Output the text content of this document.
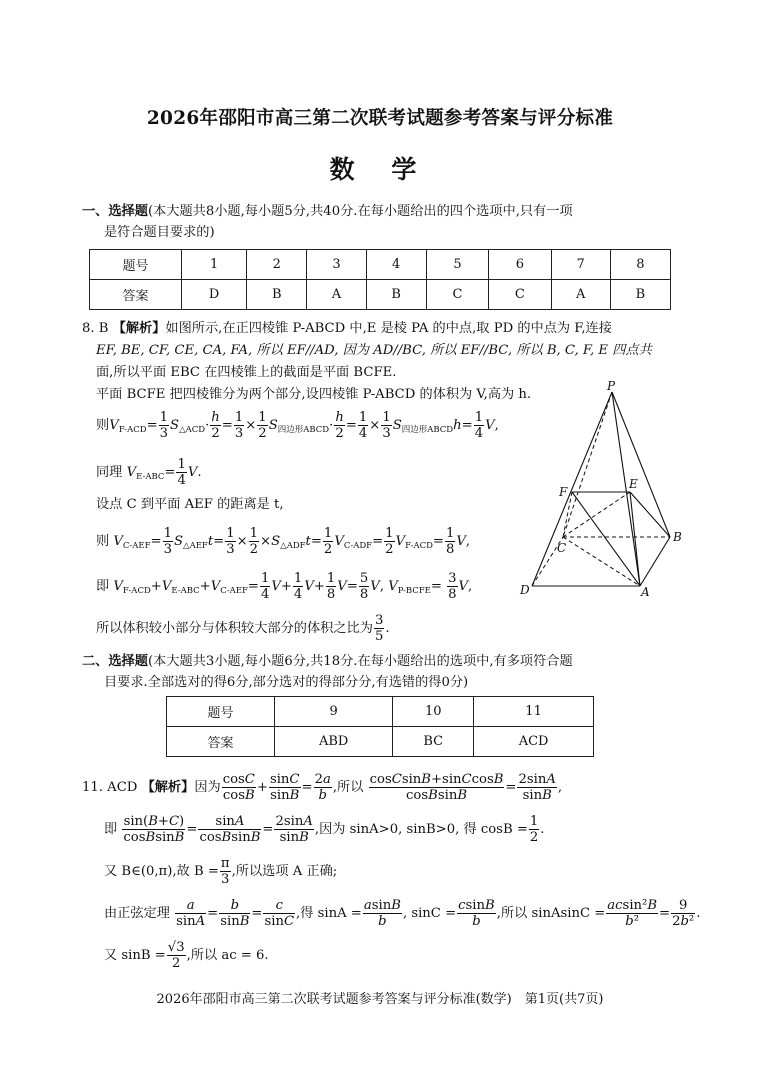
2026年邵阳市高三第二次联考试题参考答案与评分标准
数 学
一、选择题(本大题共8小题,每小题5分,共40分.在每小题给出的四个选项中,只有一项
是符合题目要求的)
题号	1	2	3	4	5	6	7	8
答案	D	B	A	B	C	C	A	B
8. B 【解析】如图所示,在正四棱锥 P-ABCD 中,E 是棱 PA 的中点,取 PD 的中点为 F,连接
EF, BE, CF, CE, CA, FA, 所以 EF//AD, 因为 AD//BC, 所以 EF//BC, 所以 B, C, F, E 四点共
面,所以平面 EBC 在四棱锥上的截面是平面 BCFE.
平面 BCFE 把四棱锥分为两个部分,设四棱锥 P-ABCD 的体积为 V,高为 h.
则$V_{F-ACD}= \frac{1}{3} S_{\triangle ACD}\cdot \frac{h}{2} = \frac{1}{3} \times \frac{1}{2} S_{四边形ABCD}\cdot \frac{h}{2} = \frac{1}{4} \times \frac{1}{3} S_{四边形ABCD}h= \frac{1}{4} V$,
同理 $V_{E-ABC}= \frac{1}{4} V$.
设点 C 到平面 AEF 的距离是 t,
则 $V_{C-AEF}= \frac{1}{3} S_{\triangle AEF}t= \frac{1}{3} \times \frac{1}{2} \times S_{\triangle ADF}t= \frac{1}{2} V_{C-ADF}= \frac{1}{2} V_{F-ACD}= \frac{1}{8} V$,
即 $V_{F-ACD}+V_{E-ABC}+V_{C-AEF}= \frac{1}{4} V+ \frac{1}{4} V+ \frac{1}{8} V= \frac{5}{8} V$, $V_{P-BCFE}= \frac{3}{8} V$,
所以体积较小部分与体积较大部分的体积之比为 $\frac{3}{5}$ .
P
F
E
C
B
D	A
二、选择题(本大题共3小题,每小题6分,共18分.在每小题给出的选项中,有多项符合题
目要求.全部选对的得6分,部分选对的得部分分,有选错的得0分)
题号	9	10	11
答案	ABD	BC	ACD
11. ACD 【解析】因为 $\frac{\cos C}{\cos B} + \frac{\sin C}{\sin B} = \frac{2a}{b}$ ,所以 $\frac{\text{cosCsinB+sinCcosB}}{\text{cosBsinB}} = \frac{2\sin A}{\sin B}$ ,
即 $\frac{\sin(B+C)}{\text{cosBsinB}} = \frac{\sin A}{\text{cosBsinB}} = \frac{2\sin A}{\sin B}$ ,因为 sinA>0, sinB>0, 得 $\cos B = \frac{1}{2}$ .
又 B∈(0,π),故 $B = \frac{\pi}{3}$ ,所以选项 A 正确;
由正弦定理 $\frac{a}{\sin A} = \frac{b}{\sin B} = \frac{c}{\sin C}$ ,得 $\sin A = \frac{asinB}{b}$ , $\sin C = \frac{csinB}{b}$ ,所以 sinAsinC = $\frac{\text{acsin²B}}{\text{b²}} = \frac{9}{\text{2b²}}$ .
又 $\sin B = \frac{√3}{2}$ ,所以 ac = 6.
2026年邵阳市高三第二次联考试题参考答案与评分标准(数学)　第1页(共7页)
